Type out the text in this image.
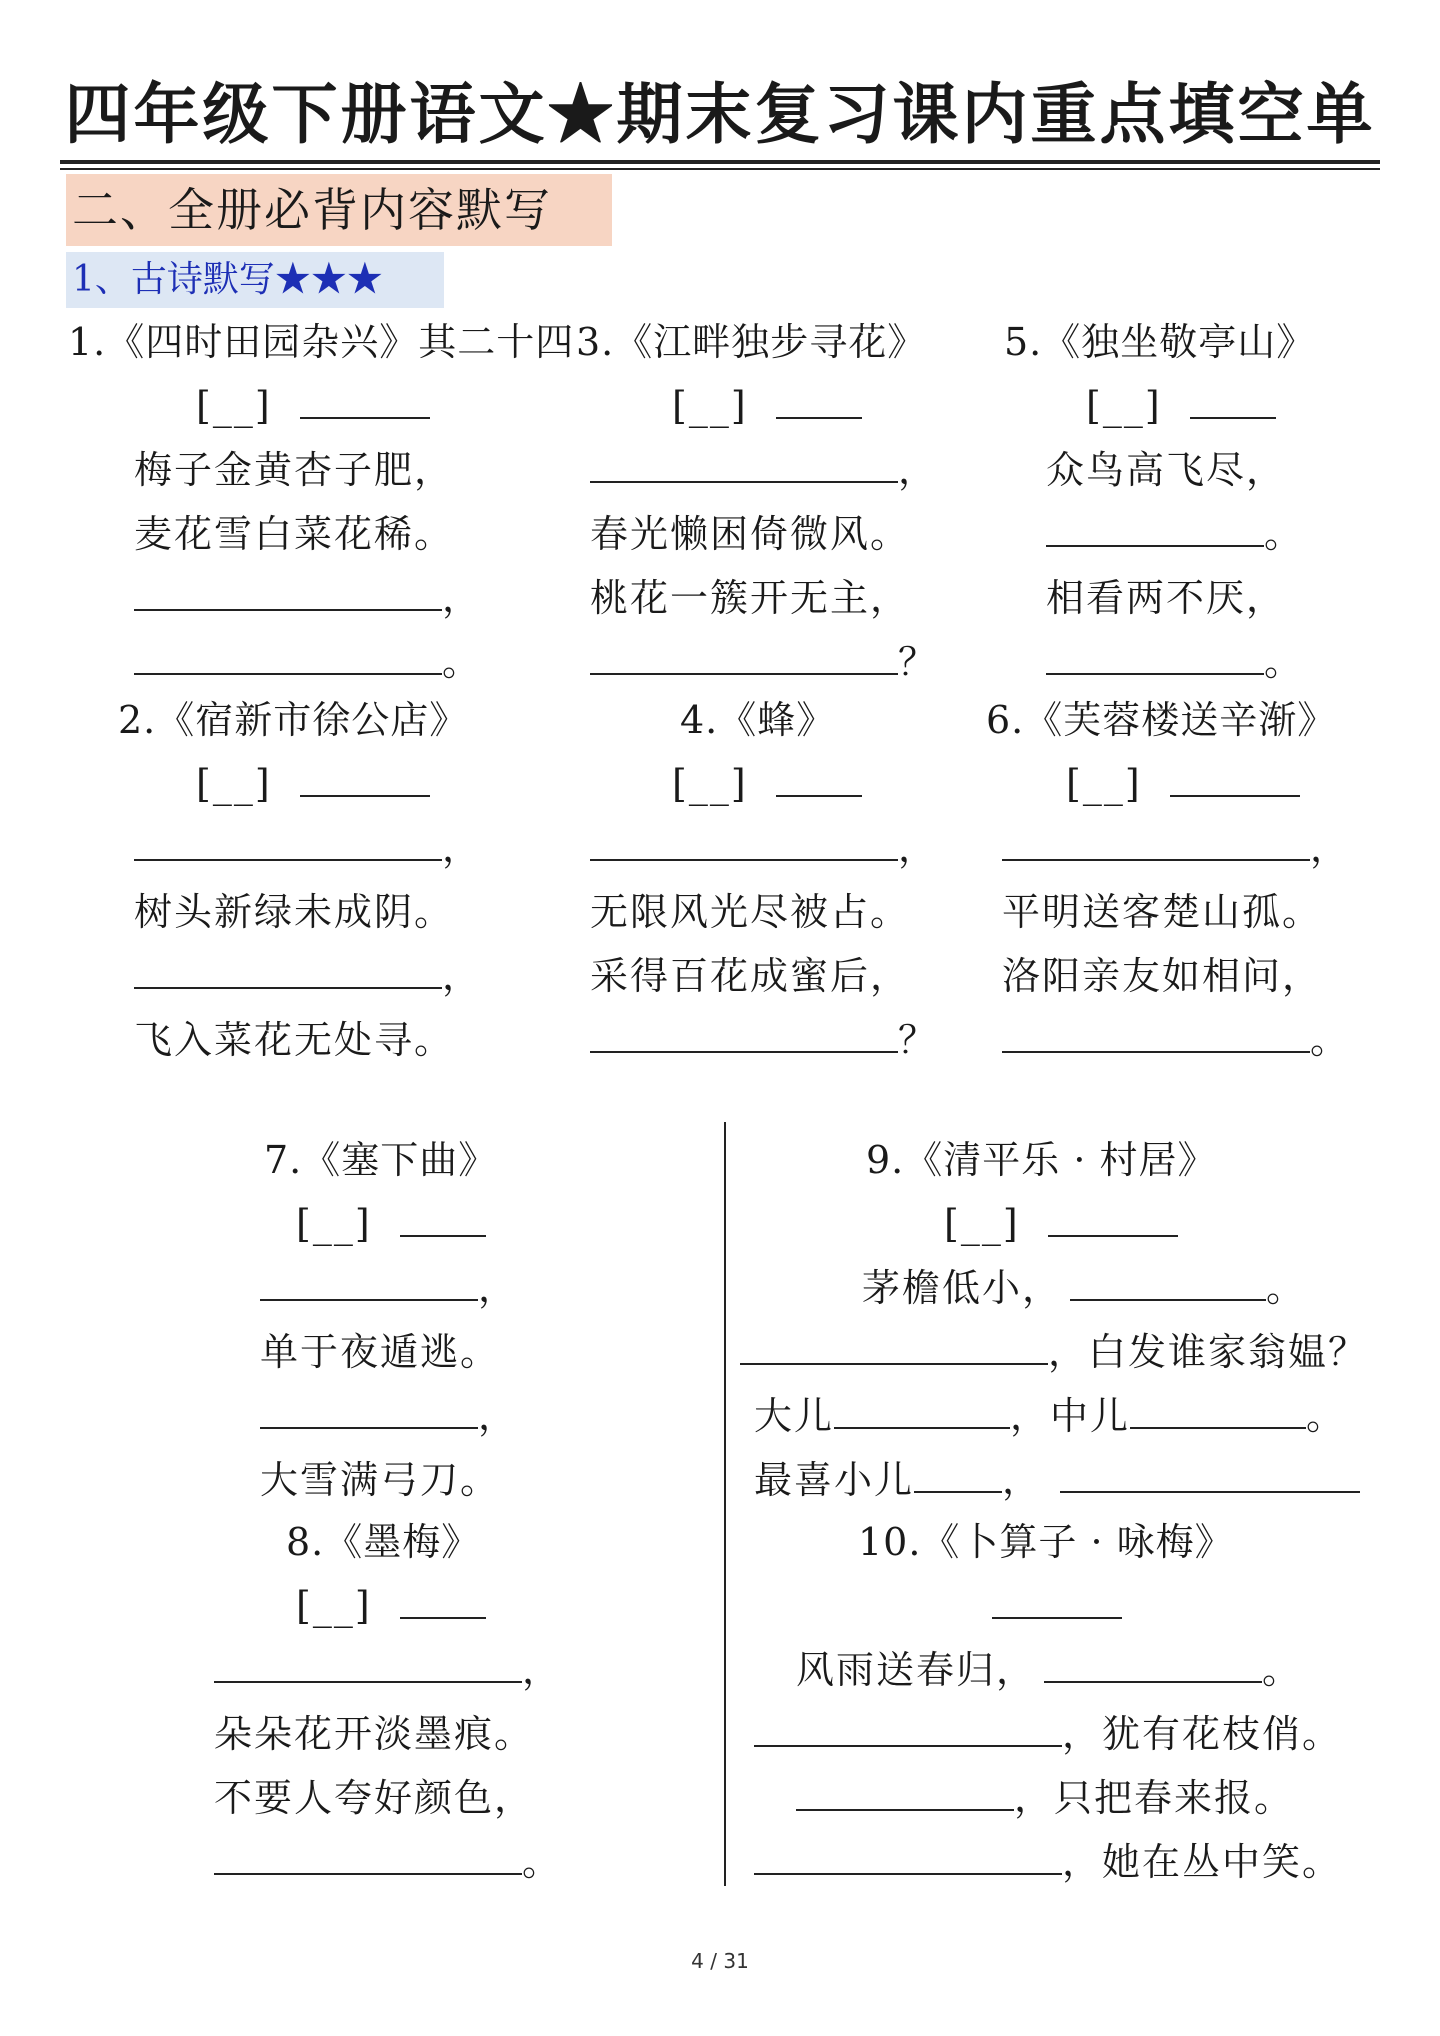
四年级下册语文★期末复习课内重点填空单
二、全册必背内容默写
1、古诗默写★★★
1.《四时田园杂兴》其二十四
[__]
梅子金黄杏子肥，
麦花雪白菜花稀。
，
。
3.《江畔独步寻花》
[__]
，
春光懒困倚微风。
桃花一簇开无主，
？
5.《独坐敬亭山》
[__]
众鸟高飞尽，
。
相看两不厌，
。
2.《宿新市徐公店》
[__]
，
树头新绿未成阴。
，
飞入菜花无处寻。
4.《蜂》
[__]
，
无限风光尽被占。
采得百花成蜜后，
？
6.《芙蓉楼送辛渐》
[__]
，
平明送客楚山孤。
洛阳亲友如相问，
。
7.《塞下曲》
[__]
，
单于夜遁逃。
，
大雪满弓刀。
8.《墨梅》
[__]
，
朵朵花开淡墨痕。
不要人夸好颜色，
。
9.《清平乐 · 村居》
[__]
茅檐低小，	。
，白发谁家翁媪？
大儿	，中儿	。
最喜小儿 ，
10.《卜算子 · 咏梅》
风雨送春归，	。
，犹有花枝俏。
，只把春来报。
，她在丛中笑。
4 / 31
